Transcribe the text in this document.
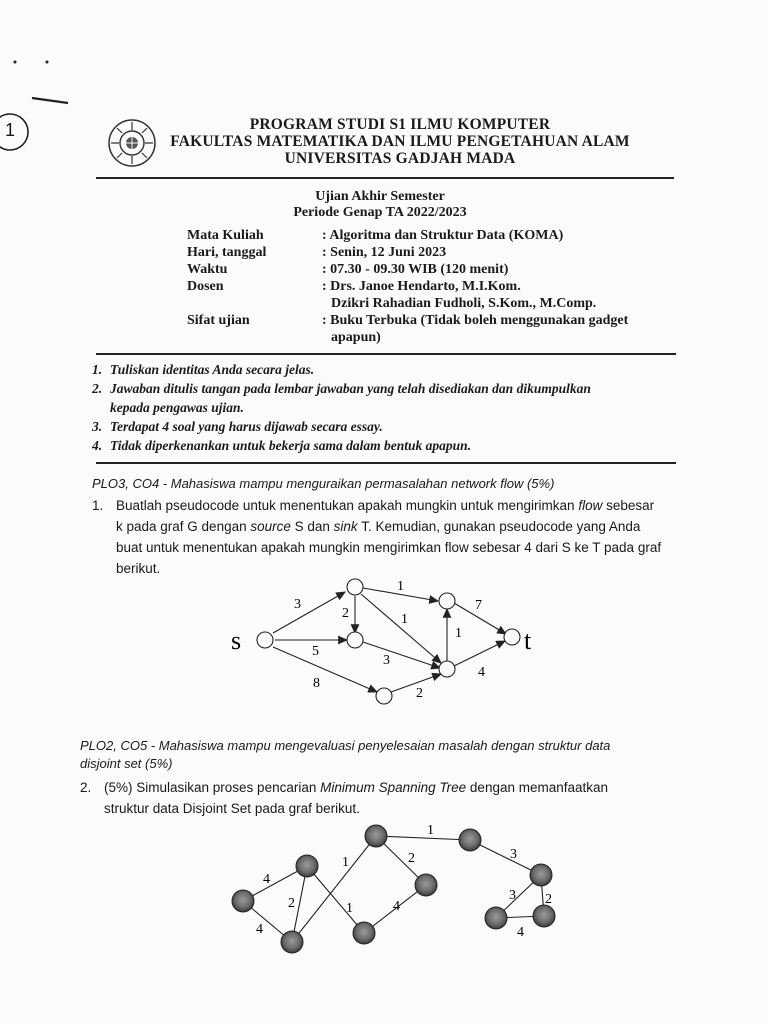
1	PROGRAM STUDI S1 ILMU KOMPUTER
FAKULTAS MATEMATIKA DAN ILMU PENGETAHUAN ALAM
UNIVERSITAS GADJAH MADA
Ujian Akhir Semester
Periode Genap TA 2022/2023
Mata Kuliah	: Algoritma dan Struktur Data (KOMA)
Hari, tanggal	: Senin, 12 Juni 2023
Waktu	: 07.30 - 09.30 WIB (120 menit)
Dosen	: Drs. Janoe Hendarto, M.I.Kom.
Dzikri Rahadian Fudholi, S.Kom., M.Comp.
Sifat ujian	: Buku Terbuka (Tidak boleh menggunakan gadget
apapun)
1. Tuliskan identitas Anda secara jelas.
2. Jawaban ditulis tangan pada lembar jawaban yang telah disediakan dan dikumpulkan
kepada pengawas ujian.
3. Terdapat 4 soal yang harus dijawab secara essay.
4. Tidak diperkenankan untuk bekerja sama dalam bentuk apapun.
PLO3, CO4 - Mahasiswa mampu menguraikan permasalahan network flow (5%)
1. Buatlah pseudocode untuk menentukan apakah mungkin untuk mengirimkan flow sebesar
k pada graf G dengan source S dan sink T. Kemudian, gunakan pseudocode yang Anda
buat untuk menentukan apakah mungkin mengirimkan flow sebesar 4 dari S ke T pada graf
berikut.
s	t
3
5
8
2
1
1
3
2
1
7
4
PLO2, CO5 - Mahasiswa mampu mengevaluasi penyelesaian masalah dengan struktur data
disjoint set (5%)
2. (5%) Simulasikan proses pencarian Minimum Spanning Tree dengan memanfaatkan
struktur data Disjoint Set pada graf berikut.
4
4
2	1
1	2
4
1
3
3 2
4
